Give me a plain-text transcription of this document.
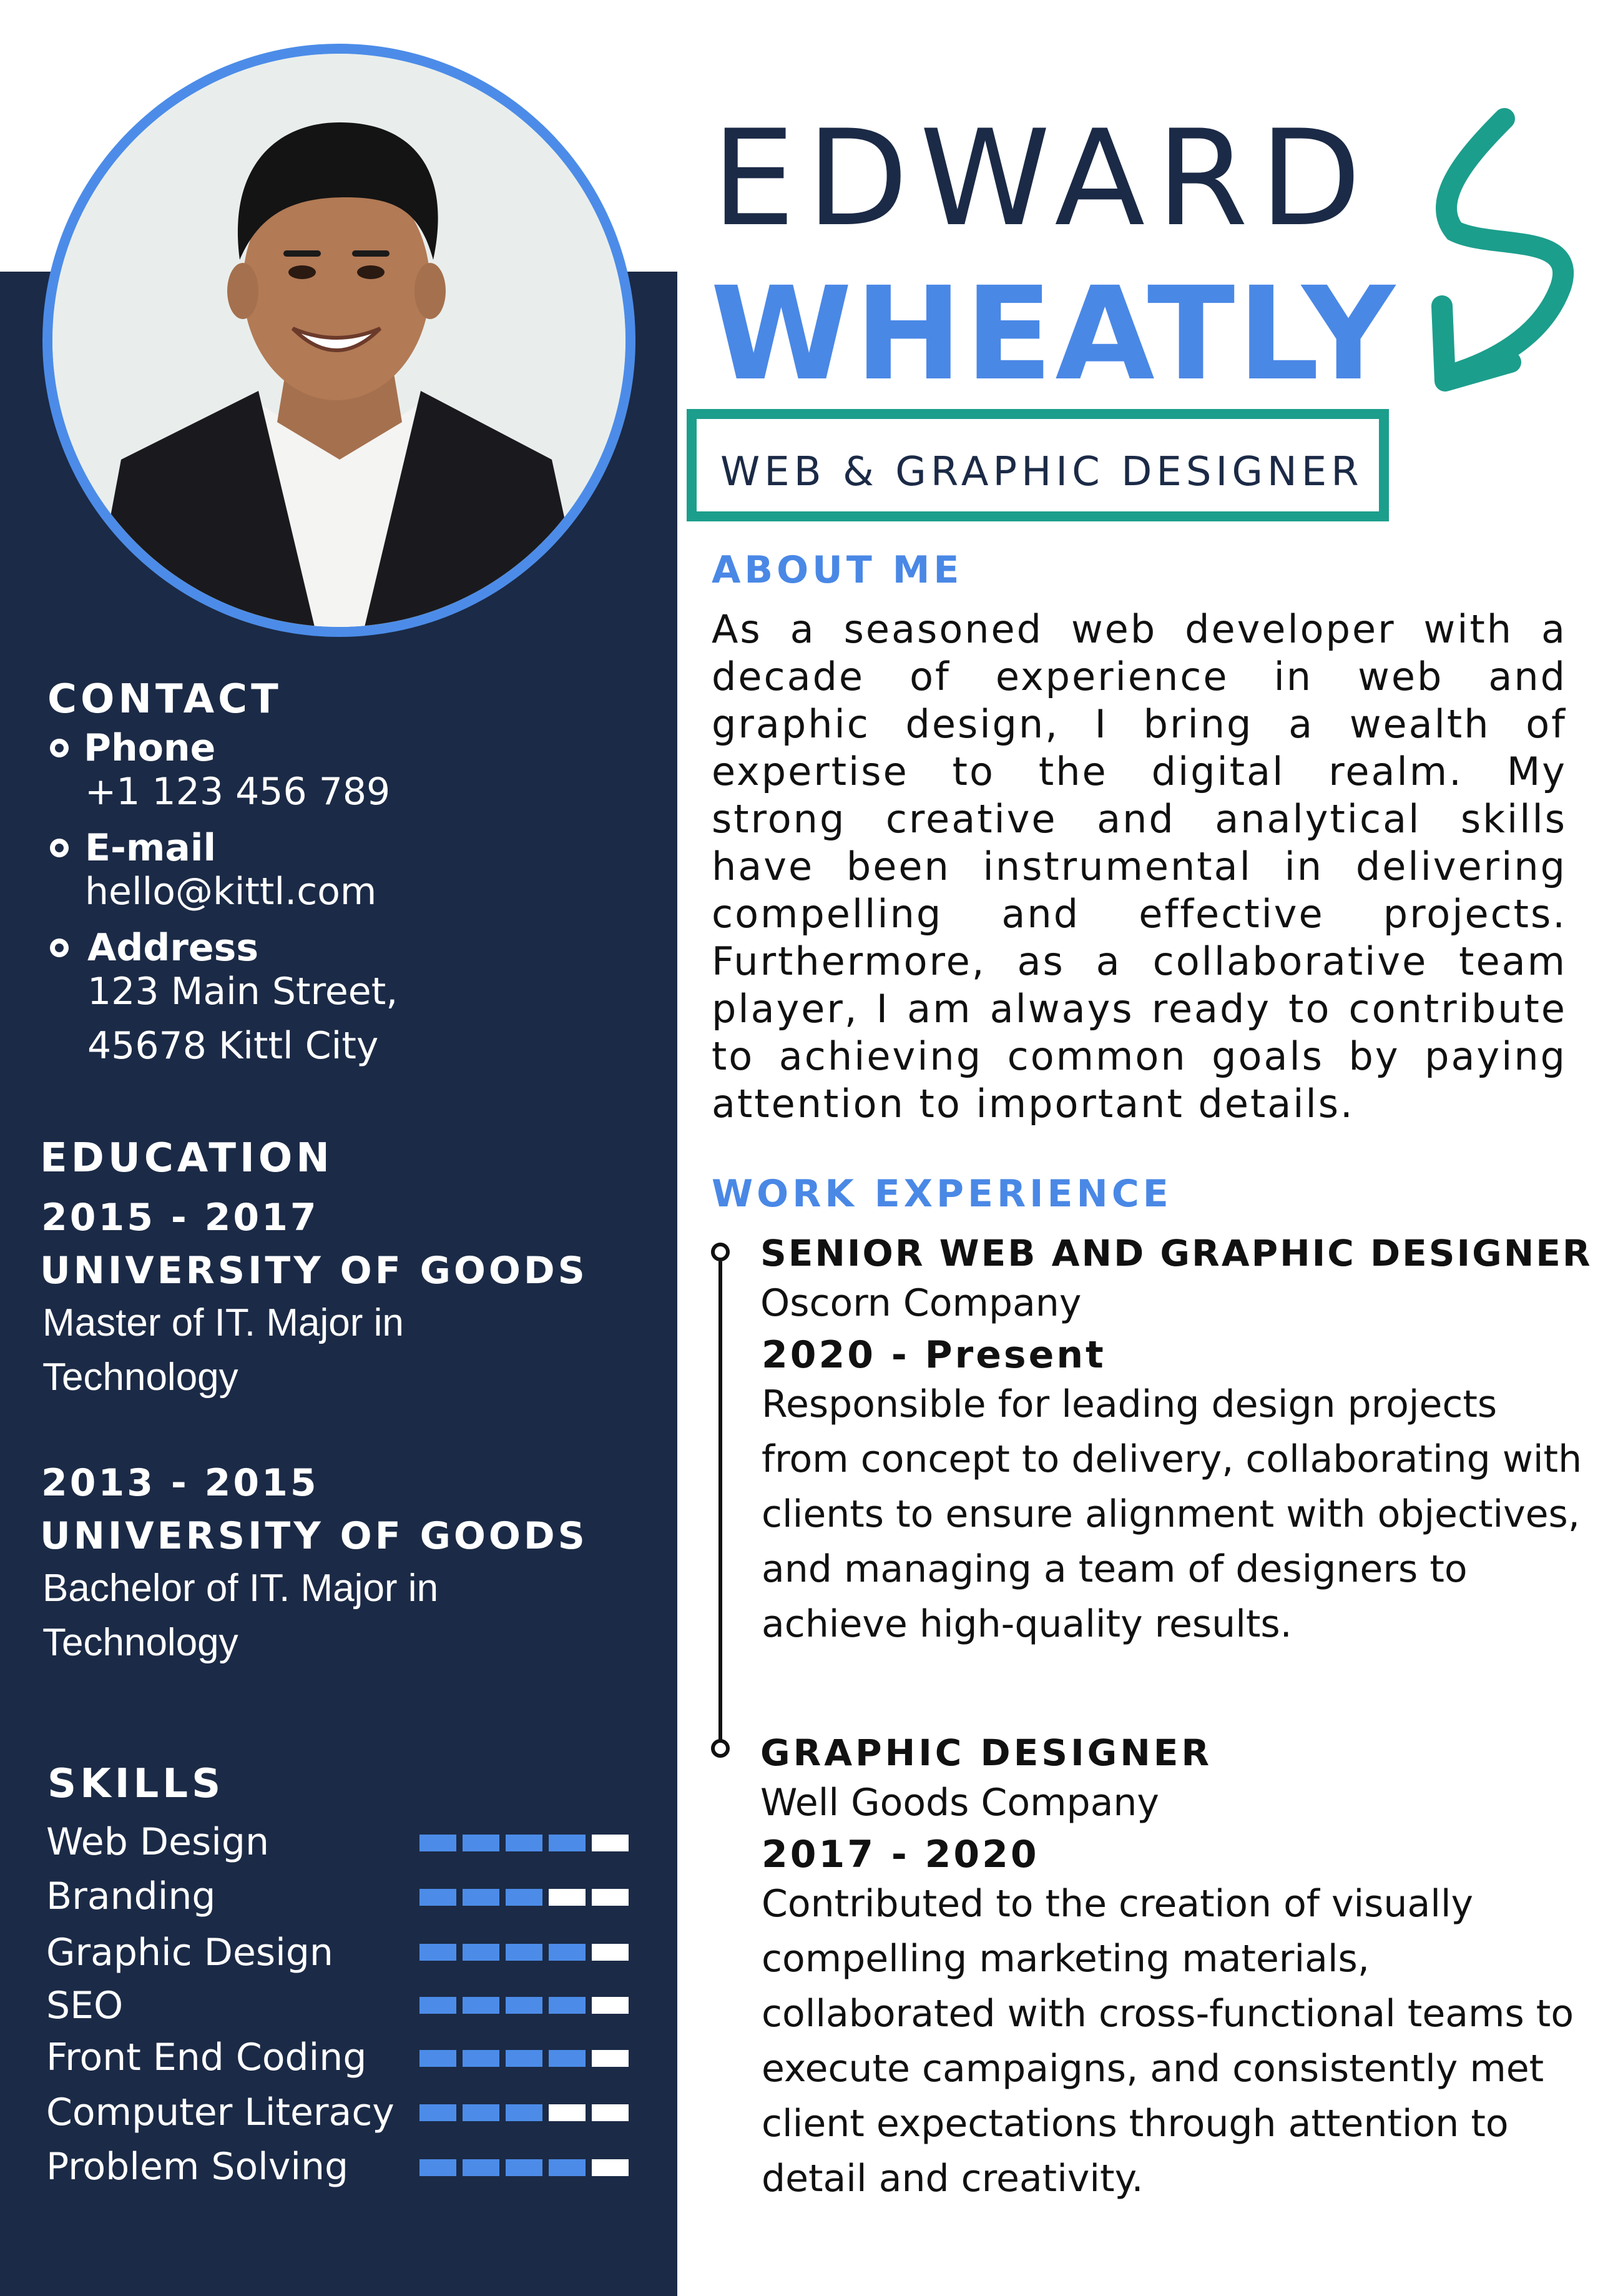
CONTACT
Phone
+1 123 456 789
E-mail
hello@kittl.com
Address
123 Main Street,
45678 Kittl City
EDUCATION
2015 - 2017
UNIVERSITY OF GOODS
Master of IT. Major in
Technology
2013 - 2015
UNIVERSITY OF GOODS
Bachelor of IT. Major in
Technology
SKILLS
Web Design
Branding
Graphic Design
SEO
Front End Coding
Computer Literacy
Problem Solving
EDWARD
WHEATLY
WEB & GRAPHIC DESIGNER
ABOUT ME
As a seasoned web developer with a decade of experience in web and graphic design, I bring a wealth of expertise to the digital realm. My strong creative and analytical skills have been instrumental in delivering compelling and effective projects. Furthermore, as a collaborative team player, I am always ready to contribute to achieving common goals by paying attention to important details.
WORK EXPERIENCE
SENIOR WEB AND GRAPHIC DESIGNER
Oscorn Company
2020 - Present
Responsible for leading design projects from concept to delivery, collaborating with clients to ensure alignment with objectives, and managing a team of designers to achieve high-quality results.
GRAPHIC DESIGNER
Well Goods Company
2017 - 2020
Contributed to the creation of visually compelling marketing materials, collaborated with cross-functional teams to execute campaigns, and consistently met client expectations through attention to detail and creativity.
